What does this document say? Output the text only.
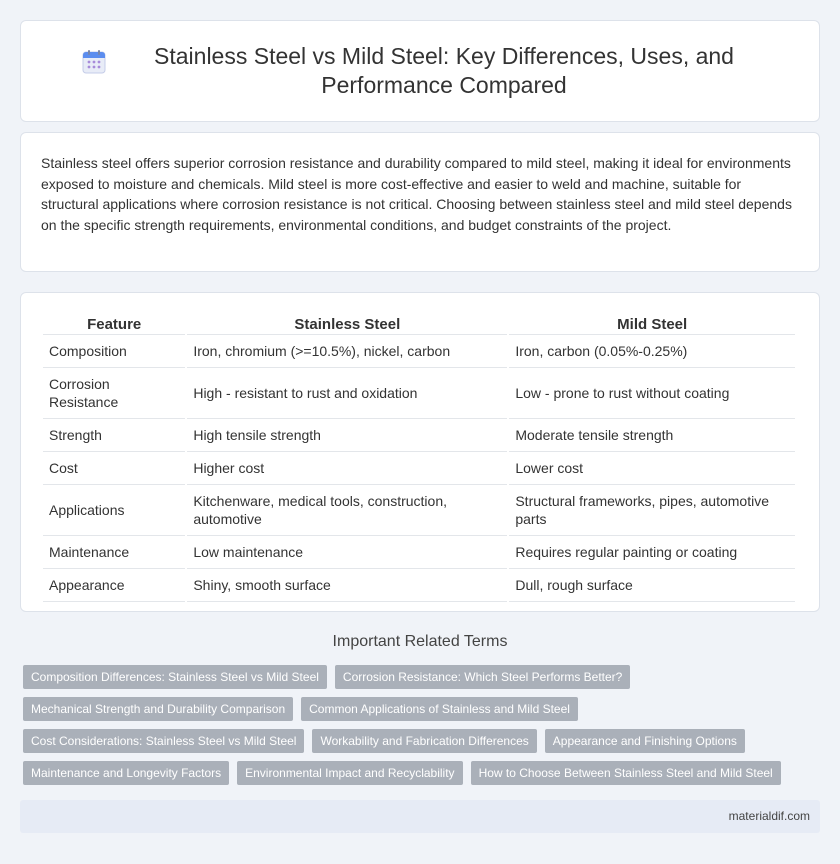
Stainless Steel vs Mild Steel: Key Differences, Uses, and Performance Compared

Stainless steel offers superior corrosion resistance and durability compared to mild steel, making it ideal for environments exposed to moisture and chemicals. Mild steel is more cost-effective and easier to weld and machine, suitable for structural applications where corrosion resistance is not critical. Choosing between stainless steel and mild steel depends on the specific strength requirements, environmental conditions, and budget constraints of the project.

Feature	Stainless Steel	Mild Steel
Composition	Iron, chromium (>=10.5%), nickel, carbon	Iron, carbon (0.05%-0.25%)
Corrosion Resistance	High - resistant to rust and oxidation	Low - prone to rust without coating
Strength	High tensile strength	Moderate tensile strength
Cost	Higher cost	Lower cost
Applications	Kitchenware, medical tools, construction, automotive	Structural frameworks, pipes, automotive parts
Maintenance	Low maintenance	Requires regular painting or coating
Appearance	Shiny, smooth surface	Dull, rough surface
Important Related Terms
Composition Differences: Stainless Steel vs Mild Steel	Corrosion Resistance: Which Steel Performs Better?
Mechanical Strength and Durability Comparison	Common Applications of Stainless and Mild Steel
Cost Considerations: Stainless Steel vs Mild Steel	Workability and Fabrication Differences	Appearance and Finishing Options
Maintenance and Longevity Factors	Environmental Impact and Recyclability	How to Choose Between Stainless Steel and Mild Steel
materialdif.com
